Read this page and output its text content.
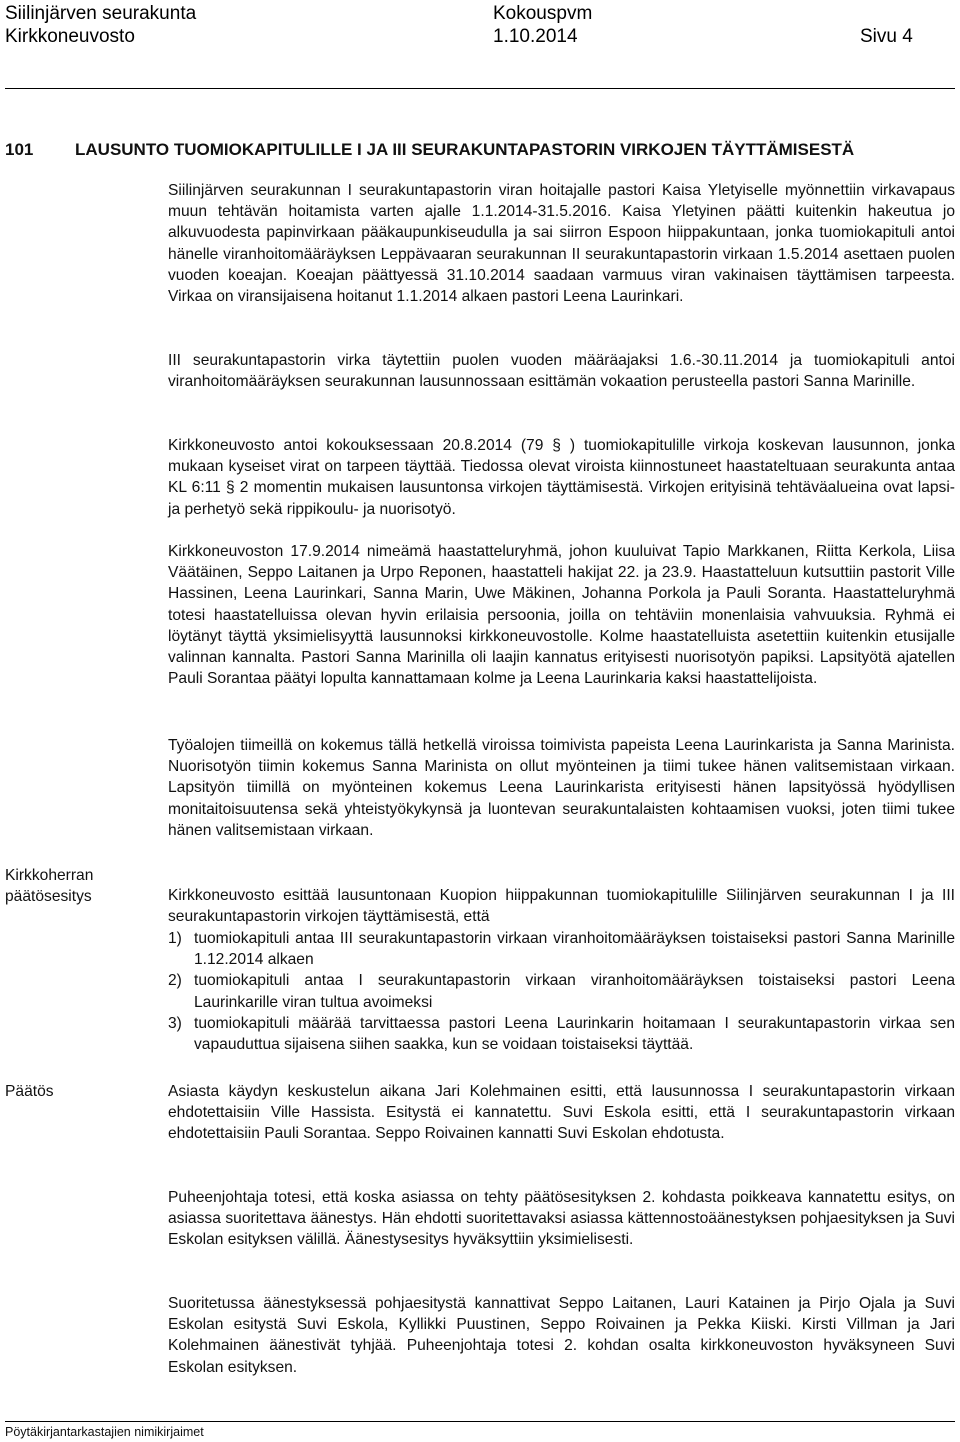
Siilinjärven seurakunta
Kirkkoneuvosto
Kokouspvm
1.10.2014	Sivu 4
101 LAUSUNTO TUOMIOKAPITULILLE I JA III SEURAKUNTAPASTORIN VIRKOJEN TÄYTTÄMISESTÄ

Siilinjärven seurakunnan I seurakuntapastorin viran hoitajalle pastori Kaisa Yletyiselle myönnettiin virkavapaus muun tehtävän hoitamista varten ajalle 1.1.2014-31.5.2016. Kaisa Yletyinen päätti kuitenkin hakeutua jo alkuvuodesta papinvirkaan pääkaupunkiseudulla ja sai siirron Espoon hiippakuntaan, jonka tuomiokapituli antoi hänelle viranhoitomääräyksen Leppävaaran seurakunnan II seurakuntapastorin virkaan 1.5.2014 asettaen puolen vuoden koeajan. Koeajan päättyessä 31.10.2014 saadaan varmuus viran vakinaisen täyttämisen tarpeesta. Virkaa on viransijaisena hoitanut 1.1.2014 alkaen pastori Leena Laurinkari.

III seurakuntapastorin virka täytettiin puolen vuoden määräajaksi 1.6.-30.11.2014 ja tuomiokapituli antoi viranhoitomääräyksen seurakunnan lausunnossaan esittämän vokaation perusteella pastori Sanna Marinille.

Kirkkoneuvosto antoi kokouksessaan 20.8.2014 (79 § ) tuomiokapitulille virkoja koskevan lausunnon, jonka mukaan kyseiset virat on tarpeen täyttää. Tiedossa olevat viroista kiinnostuneet haastateltuaan seurakunta antaa KL 6:11 § 2 momentin mukaisen lausuntonsa virkojen täyttämisestä. Virkojen erityisinä tehtäväalueina ovat lapsi- ja perhetyö sekä rippikoulu- ja nuorisotyö.

Kirkkoneuvoston 17.9.2014 nimeämä haastatteluryhmä, johon kuuluivat Tapio Markkanen, Riitta Kerkola, Liisa Väätäinen, Seppo Laitanen ja Urpo Reponen, haastatteli hakijat 22. ja 23.9. Haastatteluun kutsuttiin pastorit Ville Hassinen, Leena Laurinkari, Sanna Marin, Uwe Mäkinen, Johanna Porkola ja Pauli Soranta. Haastatteluryhmä totesi haastatelluissa olevan hyvin erilaisia persoonia, joilla on tehtäviin monenlaisia vahvuuksia. Ryhmä ei löytänyt täyttä yksimielisyyttä lausunnoksi kirkkoneuvostolle. Kolme haastatelluista asetettiin kuitenkin etusijalle valinnan kannalta. Pastori Sanna Marinilla oli laajin kannatus erityisesti nuorisotyön papiksi. Lapsityötä ajatellen Pauli Sorantaa päätyi lopulta kannattamaan kolme ja Leena Laurinkaria kaksi haastattelijoista.

Työalojen tiimeillä on kokemus tällä hetkellä viroissa toimivista papeista Leena Laurinkarista ja Sanna Marinista. Nuorisotyön tiimin kokemus Sanna Marinista on ollut myönteinen ja tiimi tukee hänen valitsemistaan virkaan. Lapsityön tiimillä on myönteinen kokemus Leena Laurinkarista erityisesti hänen lapsityössä hyödyllisen monitaitoisuutensa sekä yhteistyökykynsä ja luontevan seurakuntalaisten kohtaamisen vuoksi, joten tiimi tukee hänen valitsemistaan virkaan.

Kirkkoherran päätösesitys	Kirkkoneuvosto esittää lausuntonaan Kuopion hiippakunnan tuomiokapitulille Siilinjärven seurakunnan I ja III seurakuntapastorin virkojen täyttämisestä, että

1) tuomiokapituli antaa III seurakuntapastorin virkaan viranhoitomääräyksen toistaiseksi pastori Sanna Marinille 1.12.2014 alkaen
2) tuomiokapituli antaa I seurakuntapastorin virkaan viranhoitomääräyksen toistaiseksi pastori Leena Laurinkarille viran tultua avoimeksi
3) tuomiokapituli määrää tarvittaessa pastori Leena Laurinkarin hoitamaan I seurakuntapastorin virkaa sen vapauduttua sijaisena siihen saakka, kun se voidaan toistaiseksi täyttää.

Päätös	Asiasta käydyn keskustelun aikana Jari Kolehmainen esitti, että lausunnossa I seurakuntapastorin virkaan ehdotettaisiin Ville Hassista. Esitystä ei kannatettu. Suvi Eskola esitti, että I seurakuntapastorin virkaan ehdotettaisiin Pauli Sorantaa. Seppo Roivainen kannatti Suvi Eskolan ehdotusta.

Puheenjohtaja totesi, että koska asiassa on tehty päätösesityksen 2. kohdasta poikkeava kannatettu esitys, on asiassa suoritettava äänestys. Hän ehdotti suoritettavaksi asiassa kättennostoäänestyksen pohjaesityksen ja Suvi Eskolan esityksen välillä. Äänestysesitys hyväksyttiin yksimielisesti.

Suoritetussa äänestyksessä pohjaesitystä kannattivat Seppo Laitanen, Lauri Katainen ja Pirjo Ojala ja Suvi Eskolan esitystä Suvi Eskola, Kyllikki Puustinen, Seppo Roivainen ja Pekka Kiiski. Kirsti Villman ja Jari Kolehmainen äänestivät tyhjää. Puheenjohtaja totesi 2. kohdan osalta kirkkoneuvoston hyväksyneen Suvi Eskolan esityksen.

Pöytäkirjantarkastajien nimikirjaimet
